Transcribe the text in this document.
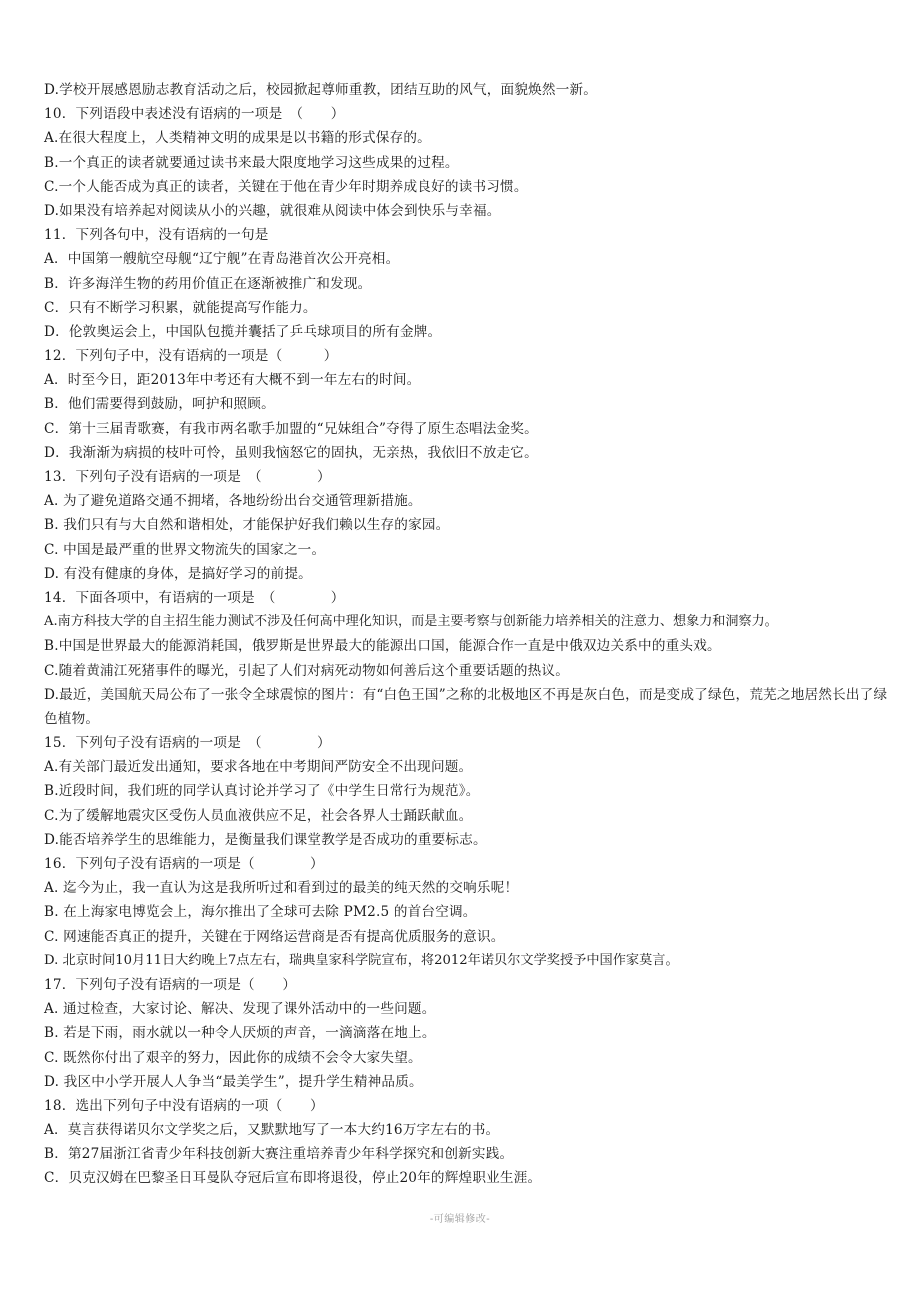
D.学校开展感恩励志教育活动之后，校园掀起尊师重教，团结互助的风气，面貌焕然一新。
10．下列语段中表述没有语病的一项是　（　　）
A.在很大程度上，人类精神文明的成果是以书籍的形式保存的。
B.一个真正的读者就要通过读书来最大限度地学习这些成果的过程。
C.一个人能否成为真正的读者，关键在于他在青少年时期养成良好的读书习惯。
D.如果没有培养起对阅读从小的兴趣，就很难从阅读中体会到快乐与幸福。
11．下列各句中，没有语病的一句是
A．中国第一艘航空母舰“辽宁舰”在青岛港首次公开亮相。
B．许多海洋生物的药用价值正在逐渐被推广和发现。
C．只有不断学习积累，就能提高写作能力。
D．伦敦奥运会上，中国队包揽并囊括了乒乓球项目的所有金牌。
12．下列句子中，没有语病的一项是（　　　）
A．时至今日，距2013年中考还有大概不到一年左右的时间。
B．他们需要得到鼓励，呵护和照顾。
C．第十三届青歌赛，有我市两名歌手加盟的“兄妹组合”夺得了原生态唱法金奖。
D．我渐渐为病损的枝叶可怜，虽则我恼怒它的固执，无亲热，我依旧不放走它。
13．下列句子没有语病的一项是　（　　　　）
A. 为了避免道路交通不拥堵，各地纷纷出台交通管理新措施。
B. 我们只有与大自然和谐相处，才能保护好我们赖以生存的家园。
C. 中国是最严重的世界文物流失的国家之一。
D. 有没有健康的身体，是搞好学习的前提。
14．下面各项中，有语病的一项是　（　　　　）
A.南方科技大学的自主招生能力测试不涉及任何高中理化知识，而是主要考察与创新能力培养相关的注意力、想象力和洞察力。
B.中国是世界最大的能源消耗国，俄罗斯是世界最大的能源出口国，能源合作一直是中俄双边关系中的重头戏。
C.随着黄浦江死猪事件的曝光，引起了人们对病死动物如何善后这个重要话题的热议。
D.最近，美国航天局公布了一张令全球震惊的图片：有“白色王国”之称的北极地区不再是灰白色，而是变成了绿色，荒芜之地居然长出了绿色植物。
15．下列句子没有语病的一项是　（　　　　）
A.有关部门最近发出通知，要求各地在中考期间严防安全不出现问题。
B.近段时间，我们班的同学认真讨论并学习了《中学生日常行为规范》。
C.为了缓解地震灾区受伤人员血液供应不足，社会各界人士踊跃献血。
D.能否培养学生的思维能力，是衡量我们课堂教学是否成功的重要标志。
16．下列句子没有语病的一项是（　　　　）
A. 迄今为止，我一直认为这是我所听过和看到过的最美的纯天然的交响乐呢！
B. 在上海家电博览会上，海尔推出了全球可去除 PM2.5 的首台空调。
C. 网速能否真正的提升，关键在于网络运营商是否有提高优质服务的意识。
D. 北京时间10月11日大约晚上7点左右，瑞典皇家科学院宣布，将2012年诺贝尔文学奖授予中国作家莫言。
17．下列句子没有语病的一项是（　　）
A. 通过检查，大家讨论、解决、发现了课外活动中的一些问题。
B. 若是下雨，雨水就以一种令人厌烦的声音，一滴滴落在地上。
C. 既然你付出了艰辛的努力，因此你的成绩不会令大家失望。
D. 我区中小学开展人人争当“最美学生”，提升学生精神品质。
18．选出下列句子中没有语病的一项（　　）
A．莫言获得诺贝尔文学奖之后，又默默地写了一本大约16万字左右的书。
B．第27届浙江省青少年科技创新大赛注重培养青少年科学探究和创新实践。
C．贝克汉姆在巴黎圣日耳曼队夺冠后宣布即将退役，停止20年的辉煌职业生涯。
-可编辑修改-
